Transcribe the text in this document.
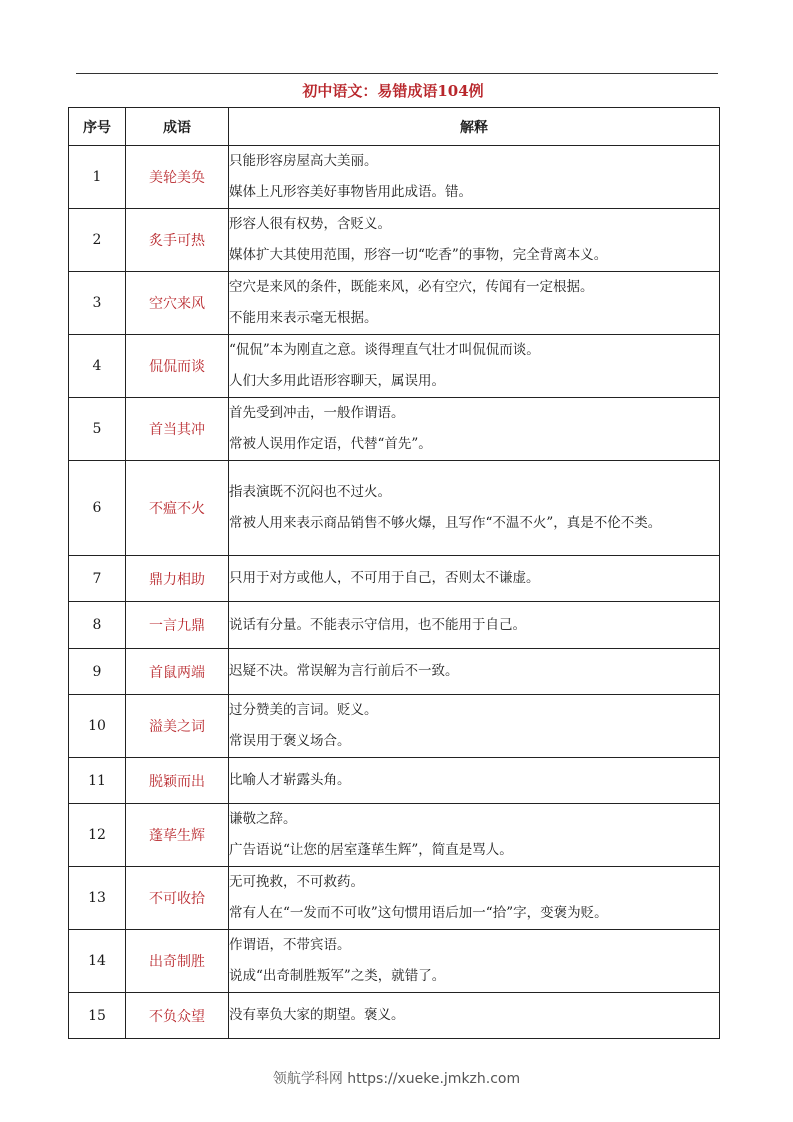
初中语文：易错成语104例
序号	成语	解释
1	美轮美奂	只能形容房屋高大美丽。
媒体上凡形容美好事物皆用此成语。错。

2	炙手可热	形容人很有权势，含贬义。
媒体扩大其使用范围，形容一切“吃香”的事物，完全背离本义。

3	空穴来风	空穴是来风的条件，既能来风，必有空穴，传闻有一定根据。
不能用来表示毫无根据。

4	侃侃而谈	“侃侃”本为刚直之意。谈得理直气壮才叫侃侃而谈。
人们大多用此语形容聊天，属误用。

5	首当其冲	首先受到冲击，一般作谓语。
常被人误用作定语，代替“首先”。

6	不瘟不火	指表演既不沉闷也不过火。
常被人用来表示商品销售不够火爆，且写作“不温不火”，真是不伦不类。

7	鼎力相助	只用于对方或他人，不可用于自己，否则太不谦虚。

8	一言九鼎	说话有分量。不能表示守信用，也不能用于自己。

9	首鼠两端	迟疑不决。常误解为言行前后不一致。

10	溢美之词	过分赞美的言词。贬义。
常误用于褒义场合。

11	脱颖而出	比喻人才崭露头角。

12	蓬荜生辉	谦敬之辞。
广告语说“让您的居室蓬荜生辉”，简直是骂人。

13	不可收拾	无可挽救，不可救药。
常有人在“一发而不可收”这句惯用语后加一“拾”字，变褒为贬。

14	出奇制胜	作谓语，不带宾语。
说成“出奇制胜叛军”之类，就错了。

15	不负众望	没有辜负大家的期望。褒义。
领航学科网 https://xueke.jmkzh.com
